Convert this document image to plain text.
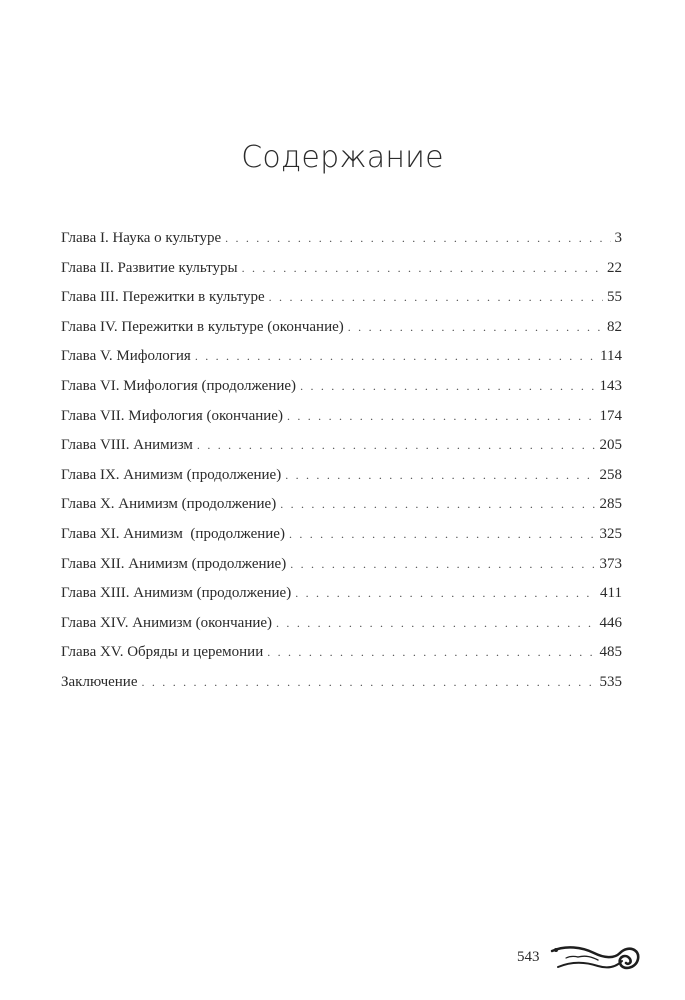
Содержание
Глава I. Наука о культуре . . .	3
Глава II. Развитие культуры . . .	22
Глава III. Пережитки в культуре . . .	55
Глава IV. Пережитки в культуре (окончание) . . .	82
Глава V. Мифология . . .	114
Глава VI. Мифология (продолжение) . . .	143
Глава VII. Мифология (окончание) . . .	174
Глава VIII. Анимизм . . .	205
Глава IX. Анимизм (продолжение) . . .	258
Глава X. Анимизм (продолжение) . . .	285
Глава XI. Анимизм  (продолжение) . . .	325
Глава XII. Анимизм (продолжение) . . .	373
Глава XIII. Анимизм (продолжение) . . .	411
Глава XIV. Анимизм (окончание) . . .	446
Глава XV. Обряды и церемонии . . .	485
Заключение . . .	535
543
